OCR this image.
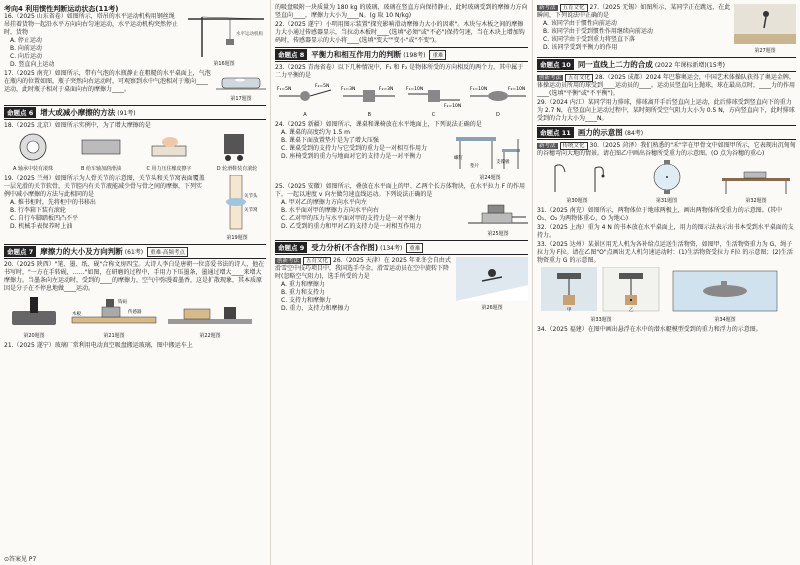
考向4 利用惯性判断运动状态(11考)
16.（2025 山东省卷）如图所示，塔吊的水平运动机构用钢丝绳吊挂着货物一起沿水平方向向右匀速运动，水平运动机构突然停止时，货物
A. 停止运动
B. 向前运动
C. 向后运动
D. 竖直向上运动
水平运动机构
第16题图
17.（2025 南充）如图所示，带有气泡的水瓶静止在粗糙的水平桌面上，气泡在瓶内的位置如图，瓶子突然向右运动时，可观察到水中气泡相对于瓶向____运动，此时瓶子相对于桌面向右的摩擦力____。
第17题图
命题点 6 增大或减小摩擦的方法 (91考)
18.（2025 北京）如图所示实例中，为了增大摩擦的是
A 轴承中装有滚珠	B 给车轴加润滑油	C 用力压住橡皮擦字	D 轮滑鞋装有滚轮
19.（2025 兰州）如图所示为人骨关节的示意图，关节头和关节窝表面覆盖一层光滑的关节软骨，关节腔内有关节液能减少骨与骨之间的摩擦，下列实例中减小摩擦的方法与此相同的是
A. 推书柜时，先将柜中的书移出
B. 行李箱下装有滚轮
C. 自行车脚踏板凹凸不平
D. 机械手表保养时上油
关节头
关节窝
第19题图
命题点 7 摩擦力的大小及方向判断 (61考)	重难·高频考点
20.（2025 陕西）"笔、墨、纸、砚"合称文房四宝。大诗人李白是唐朝一位喜爱书法的诗人，他在书写时，"一方在手转砚，……"如图，在研磨的过程中，手用力下压墨条，墨通过增大____来增大摩擦力。当墨条向左运动时，受到的____的摩擦力，空气中弥漫着墨香，这是扩散现象，其本质原因是分子在不停息地做____运动。
第20题图
木板
钩码
传感器
第21题图	第22题图
21.（2025 遂宁）玻璃厂常利用电动真空吸盘搬运玻璃，图中搬运车上
⊙答案见 P7
的吸盘吸附一块质量为 180 kg 的玻璃，玻璃在竖直方向保持静止，此时玻璃受到的摩擦力方向竖直向____，摩擦力大小为____N。(g 取 10 N/kg)
22.（2025 遂宁）小明用图示装置"探究影响滑动摩擦力大小的因素"。木块与木板之间的摩擦力大小通过传感器显示，当拉动木板时____(选填"必须"或"不必")保持匀速，当在木块上增加钩码时，传感器显示的大小将____(选填"变大""变小"或"不变")。
命题点 8 平衡力和相互作用力的判断 (198考)	重难
23.（2025 青海省卷）以下几种情况中，F₁ 和 F₂ 是物体所受的方向相反的两个力，其中属于二力平衡的是
F₁=5N
F₂=5N
A
F₁=3N	F₂=3N
B
F₁=10N
F₂=10N
C
F₁=10N	F₂=10N
D
24.（2025 新疆）如图所示，课桌和课椅放在水平地面上，下列说法正确的是
A. 课桌的高度约为 1.5 m
B. 课桌下面放置垫片是为了增大压强
C. 课桌受到的支持力与它受到的重力是一对相互作用力
D. 座椅受到的重力与地面对它的支持力是一对平衡力	螺钉
垫片
支撑板
第24题图
25.（2025 安徽）如图所示，叠放在水平面上的甲、乙两个长方体物块，在水平拉力 F 的作用下，一起以速度 v 向左做匀速直线运动。下列说法正确的是
A. 甲对乙的摩擦力方向水平向左
B. 水平面对甲的摩擦力方向水平向右
C. 乙对甲的压力与水平面对甲的支持力是一对平衡力
D. 乙受到的重力和甲对乙的支持力是一对相互作用力
第25题图
命题点 9 受力分析(不含作图) (134考)	重难
创新考法 五育文化 26.（2025 天津）在 2025 年亚冬会自由式滑雪空中技巧项目中，我国选手夺金。滑雪运动员在空中旋转下降时(忽略空气阻力)，选手所受的力是
A. 重力和摩擦力
B. 重力和支持力
C. 支持力和摩擦力
D. 重力、支持力和摩擦力	第26题图
新考法 五育文化 27.（2025 无锡）如图所示，某同学正在跳远，在此瞬间，下列说法中正确的是
A. 该同学由于惯性向前运动
B. 该同学由于受到惯性作用继续向前运动
C. 该同学由于受到重力将竖直下落
D. 该同学受到平衡力的作用	第27题图
命题点 10 同一直线上二力的合成 (2022 年课标新增)(15考)
创新考法 五育文化 28.（2025 成都）2024 年巴黎奥运会，中国艺术体操队获得了奥运金牌。体操运动员所用的球受到____运动员的____。运动员竖直向上抛球，球在最高点时，____力的作用____(选填"平衡"或"不平衡")。
29.（2024 内江）某同学用力排球，排球离开手后竖直向上运动，此后排球受到竖直向下的重力为 2.7 N，在竖直向上运动过程中，某时刻所受空气阻力大小为 0.5 N，方向竖直向下，此时排球受到的合力大小为____N。
命题点 11 画力的示意图 (84考)
新考法 传统文化 30.（2025 菏泽）我们熟悉的"禾"字在甲骨文中如图甲所示，它表现出沉甸甸的谷穗弯向大地的情景。请在图乙中画出谷穗所受重力的示意图。(O 点为谷穗的重心)
第30题图	第31题图	第32题图
31.（2025 南充）如图所示，两物体位于地球两极上，画出两物体所受重力的示意图。(其中 O₁、O₂ 为两物体重心，O 为地心)
32.（2025 上海）重为 4 N 的书本放在水平桌面上，用力的图示法表示出书本受到水平桌面的支持力。
33.（2025 达州）某景区用无人机为各补给点运送生活物资，如图甲，生活物资重力为 G，绳子拉力为 F拉。请在乙图"O"点画出无人机匀速运动时：(1)生活物资受拉力 F拉 的示意图；(2)生活物资重力 G 的示意图。
甲	乙
第33题图	第34题图
34.（2025 福建）在图中画出悬浮在水中的潜水艇模型受到的重力和浮力的示意图。
